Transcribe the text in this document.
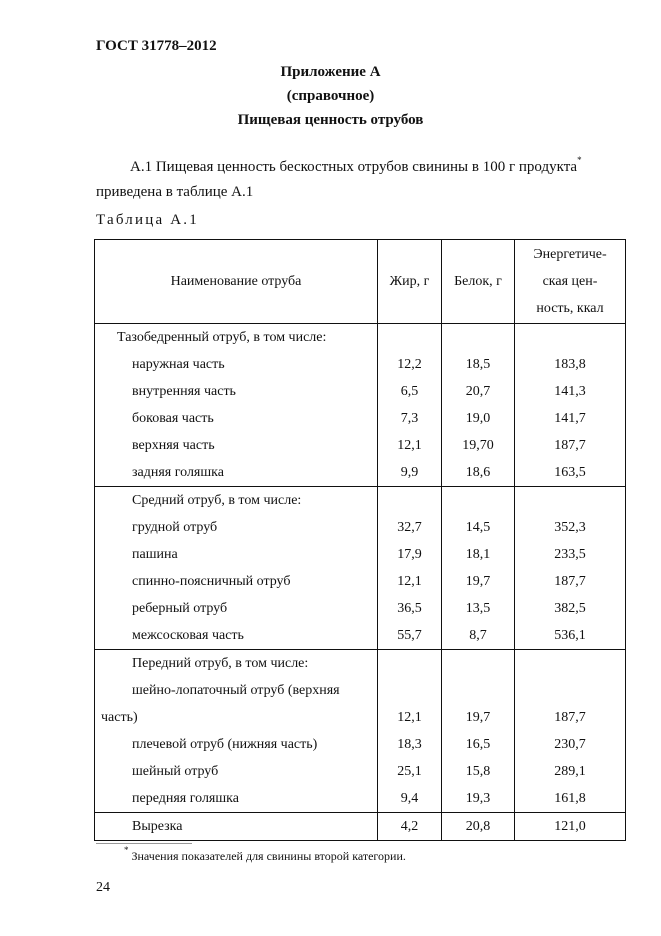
ГОСТ 31778–2012
Приложение А
(справочное)
Пищевая ценность отрубов
А.1 Пищевая ценность бескостных отрубов свинины в 100 г продукта*
приведена в таблице А.1
Таблица А.1
Наименование отруба	Жир, г	Белок, г	Энергетиче-
ская цен-
ность, ккал
Тазобедренный отруб, в том числе:			
наружная часть	12,2	18,5	183,8
внутренняя часть	6,5	20,7	141,3
боковая часть	7,3	19,0	141,7
верхняя часть	12,1	19,70	187,7
задняя голяшка	9,9	18,6	163,5
Средний отруб, в том числе:			
грудной отруб	32,7	14,5	352,3
пашина	17,9	18,1	233,5
спинно-поясничный отруб	12,1	19,7	187,7
реберный отруб	36,5	13,5	382,5
межсосковая часть	55,7	8,7	536,1
Передний отруб, в том числе:			
шейно-лопаточный отруб (верхняя			
часть)	12,1	19,7	187,7
плечевой отруб (нижняя часть)	18,3	16,5	230,7
шейный отруб	25,1	15,8	289,1
передняя голяшка	9,4	19,3	161,8
Вырезка	4,2	20,8	121,0
* Значения показателей для свинины второй категории.
24
